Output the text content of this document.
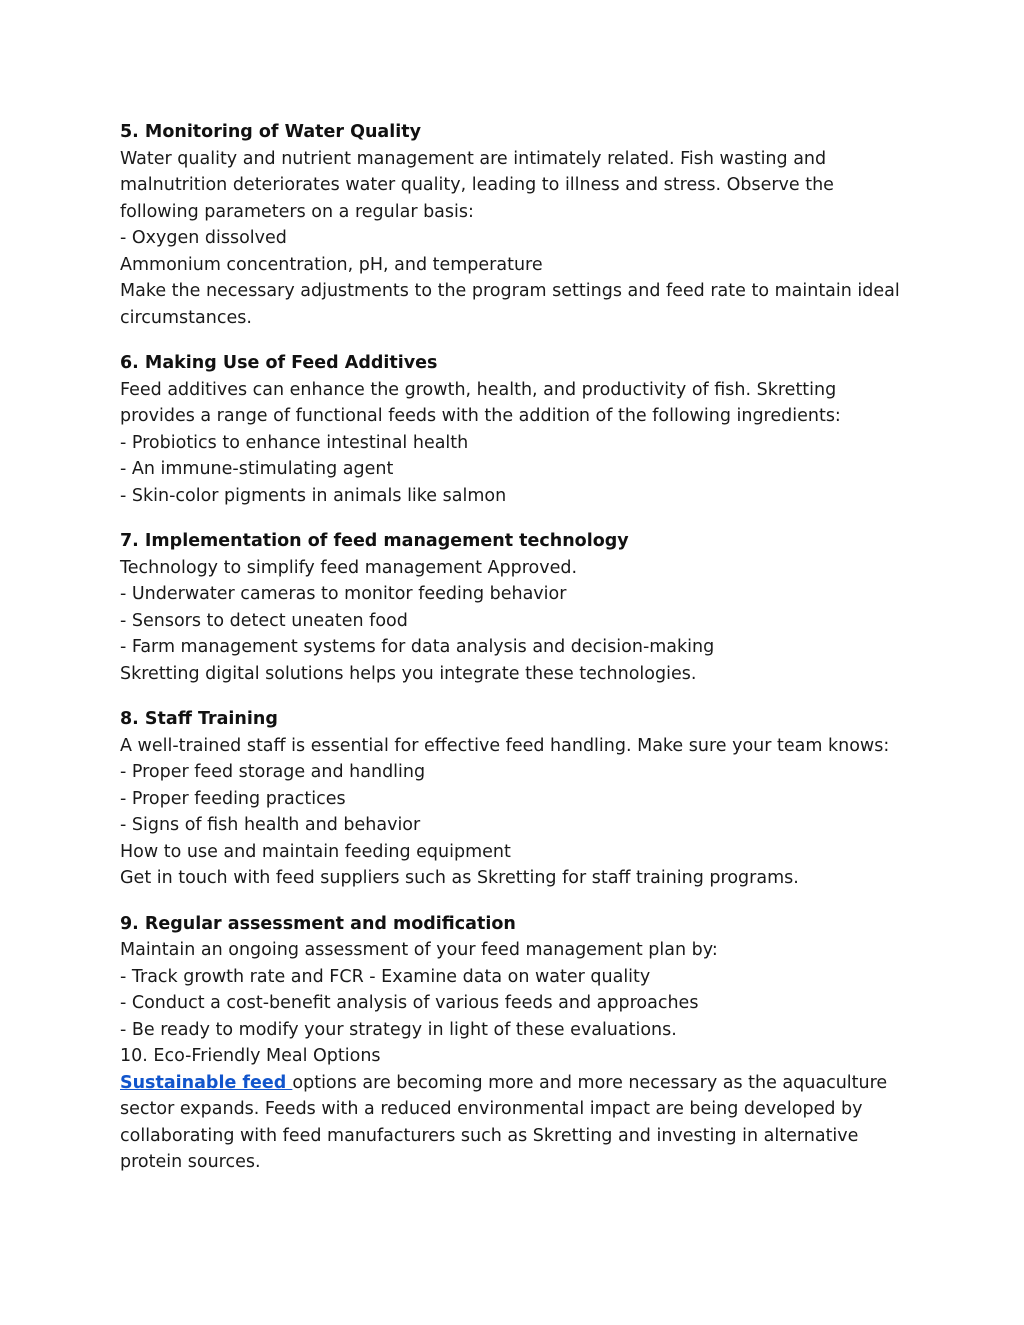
5. Monitoring of Water Quality
Water quality and nutrient management are intimately related. Fish wasting and malnutrition deteriorates water quality, leading to illness and stress. Observe the following parameters on a regular basis:
- Oxygen dissolved
Ammonium concentration, pH, and temperature
Make the necessary adjustments to the program settings and feed rate to maintain ideal circumstances.
6. Making Use of Feed Additives
Feed additives can enhance the growth, health, and productivity of fish. Skretting provides a range of functional feeds with the addition of the following ingredients:
- Probiotics to enhance intestinal health
- An immune-stimulating agent
- Skin-color pigments in animals like salmon
7. Implementation of feed management technology
Technology to simplify feed management Approved.
- Underwater cameras to monitor feeding behavior
- Sensors to detect uneaten food
- Farm management systems for data analysis and decision-making
Skretting digital solutions helps you integrate these technologies.
8. Staff Training
A well-trained staff is essential for effective feed handling. Make sure your team knows:
- Proper feed storage and handling
- Proper feeding practices
- Signs of fish health and behavior
How to use and maintain feeding equipment
Get in touch with feed suppliers such as Skretting for staff training programs.
9. Regular assessment and modification
Maintain an ongoing assessment of your feed management plan by:
- Track growth rate and FCR - Examine data on water quality
- Conduct a cost-benefit analysis of various feeds and approaches
- Be ready to modify your strategy in light of these evaluations.
10. Eco-Friendly Meal Options
Sustainable feed options are becoming more and more necessary as the aquaculture sector expands. Feeds with a reduced environmental impact are being developed by collaborating with feed manufacturers such as Skretting and investing in alternative protein sources.
